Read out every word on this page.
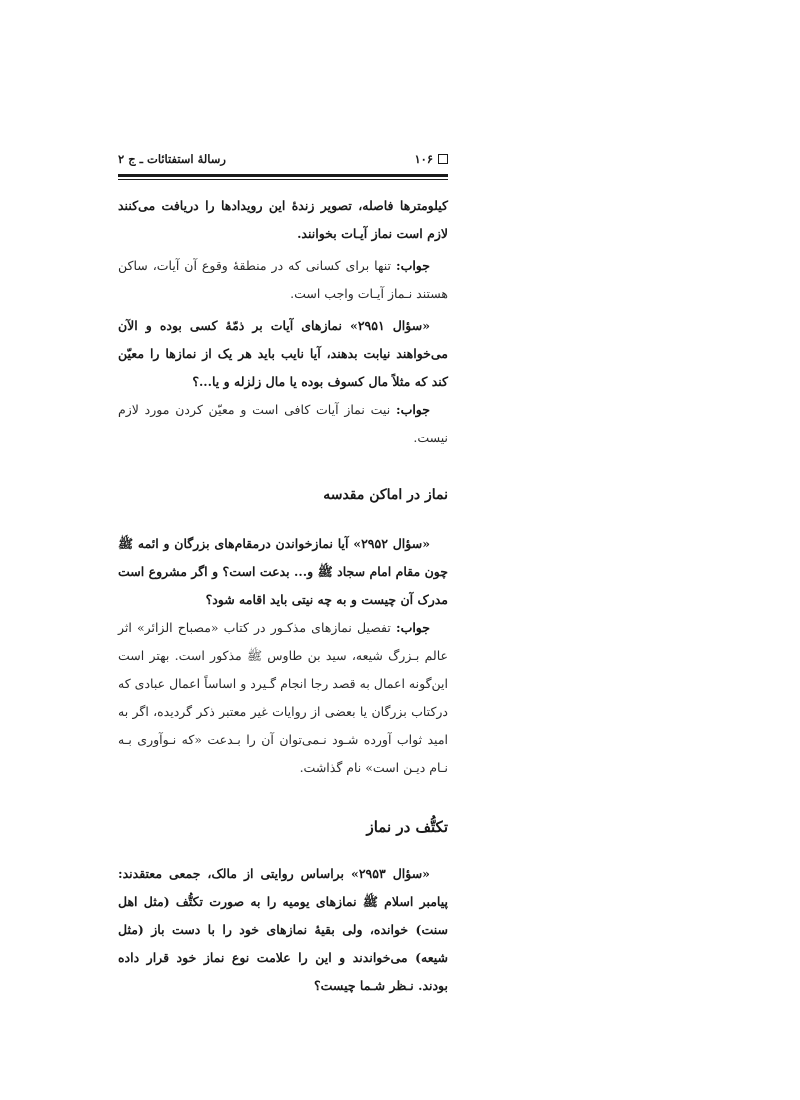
۱۰۶
رسالهٔ استفتائات ـ ج ۲

کیلومترها فاصله، تصویر زندهٔ این رویدادها را دریافت می‌کنند لازم است نماز آیـات بخوانند.

جواب: تنها برای کسانی که در منطقهٔ وقوع آن آیات، ساکن هستند نـماز آیـات واجب است.

«سؤال ۲۹۵۱» نمازهای آیات بر ذمّهٔ کسی بوده و الآن می‌خواهند نیابت بدهند، آیا نایب باید هر یک از نمازها را معیّن کند که مثلاً مال کسوف بوده یا مال زلزله و یا...؟

جواب: نیت نماز آیات کافی است و معیّن کردن مورد لازم نیست.

نماز در اماکن مقدسه

«سؤال ۲۹۵۲» آیا نمازخواندن درمقام‌های بزرگان و ائمه ﷺ چون مقام امام سجاد ﷺ و... بدعت است؟ و اگر مشروع است مدرک آن چیست و به چه نیتی باید اقامه شود؟

جواب: تفصیل نمازهای مذکـور در کتاب «مصباح الزائر» اثر عالم بـزرگ شیعه، سید بن طاوس ﷺ مذکور است. بهتر است این‌گونه اعمال به قصد رجا انجام گـیرد و اساساً اعمال عبادی که درکتاب بزرگان یا بعضی از روایات غیر معتبر ذکر گردیده، اگر به امید ثواب آورده شـود نـمی‌توان آن را بـدعت «که نـوآوری بـه نـام دیـن است» نام گذاشت.

تکتُّف در نماز

«سؤال ۲۹۵۳» براساس روایتی از مالک، جمعی معتقدند: پیامبر اسلام ﷺ نمازهای یومیه را به صورت تکتُّف (مثل اهل سنت) خوانده، ولی بقیهٔ نمازهای خود را با دست باز (مثل شیعه) می‌خواندند و این را علامت نوع نماز خود قرار داده بودند. نـظر شـما چیست؟
